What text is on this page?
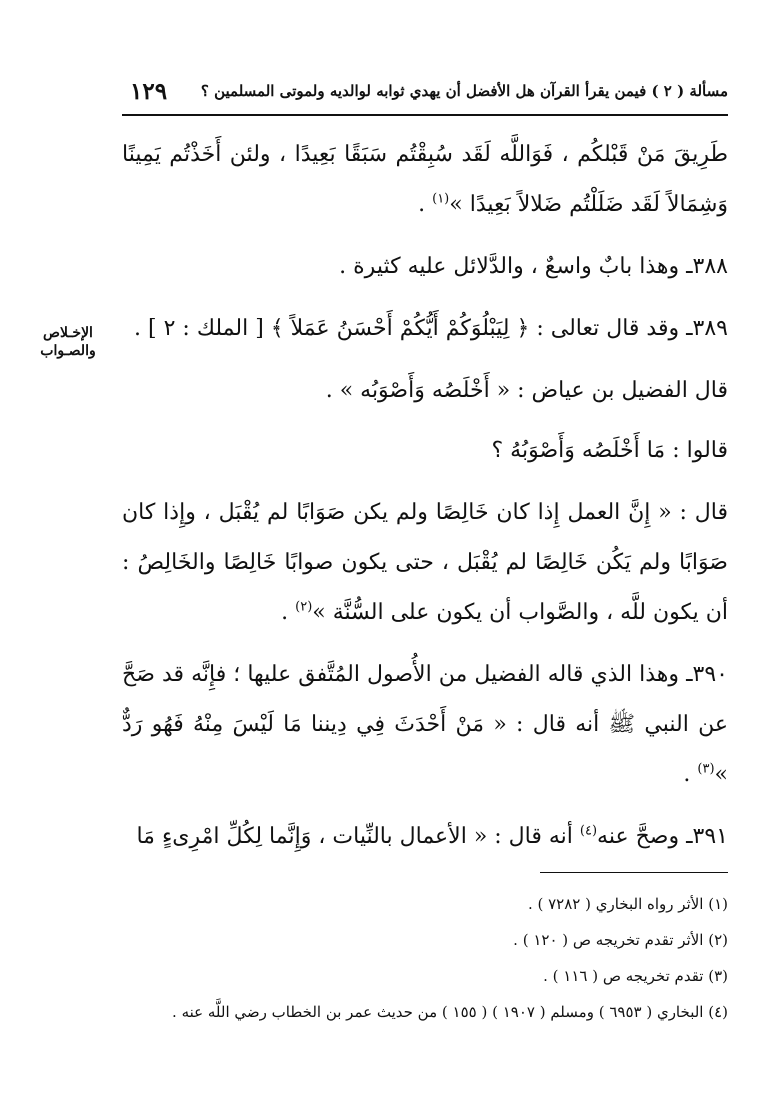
مسألة ( ٢ ) فيمن يقرأ القرآن هل الأفضل أن يهدي ثوابه لوالديه ولموتى المسلمين ؟
١٢٩
الإخـلاص
والصـواب

طَرِيقَ مَنْ قَبْلكُم ، فَوَاللَّه لَقَد سُبِقْتُم سَبَقًا بَعِيدًا ، ولئن أَخَذْتُم يَمِينًا وَشِمَالاً لَقَد ضَلَلْتُم ضَلالاً بَعِيدًا »$^{(١)}$ .

٣٨٨ـ وهذا بابٌ واسعٌ ، والدَّلائل عليه كثيرة .

٣٨٩ـ وقد قال تعالى : ﴿ لِيَبْلُوَكُمْ أَيُّكُمْ أَحْسَنُ عَمَلاً ﴾ [ الملك : ٢ ] .

قال الفضيل بن عياض : « أَخْلَصُه وَأَصْوَبُه » .

قالوا : مَا أَخْلَصُه وَأَصْوَبُهُ ؟

قال : « إِنَّ العمل إِذا كان خَالِصًا ولم يكن صَوَابًا لم يُقْبَل ، وإِذا كان صَوَابًا ولم يَكُن خَالِصًا لم يُقْبَل ، حتى يكون صوابًا خَالِصًا والخَالِصُ : أن يكون للَّه ، والصَّواب أن يكون على السُّنَّة »$^{(٢)}$ .

٣٩٠ـ وهذا الذي قاله الفضيل من الأُصول المُتَّفق عليها ؛ فإِنَّه قد صَحَّ عن النبي ﷺ أنه قال : « مَنْ أَحْدَثَ فِي دِيننا مَا لَيْسَ مِنْهُ فَهُو رَدٌّ »$^{(٣)}$ .

٣٩١ـ وصحَّ عنه$^{(٤)}$ أنه قال : « الأعمال بالنِّيات ، وَإِنَّما لِكُلِّ امْرِىءٍ مَا

(١) الأثر رواه البخاري ( ٧٢٨٢ ) .
(٢) الأثر تقدم تخريجه ص ( ١٢٠ ) .
(٣) تقدم تخريجه ص ( ١١٦ ) .
(٤) البخاري ( ٦٩٥٣ ) ومسلم ( ١٩٠٧ ) ( ١٥٥ ) من حديث عمر بن الخطاب رضي اللَّه عنه .
